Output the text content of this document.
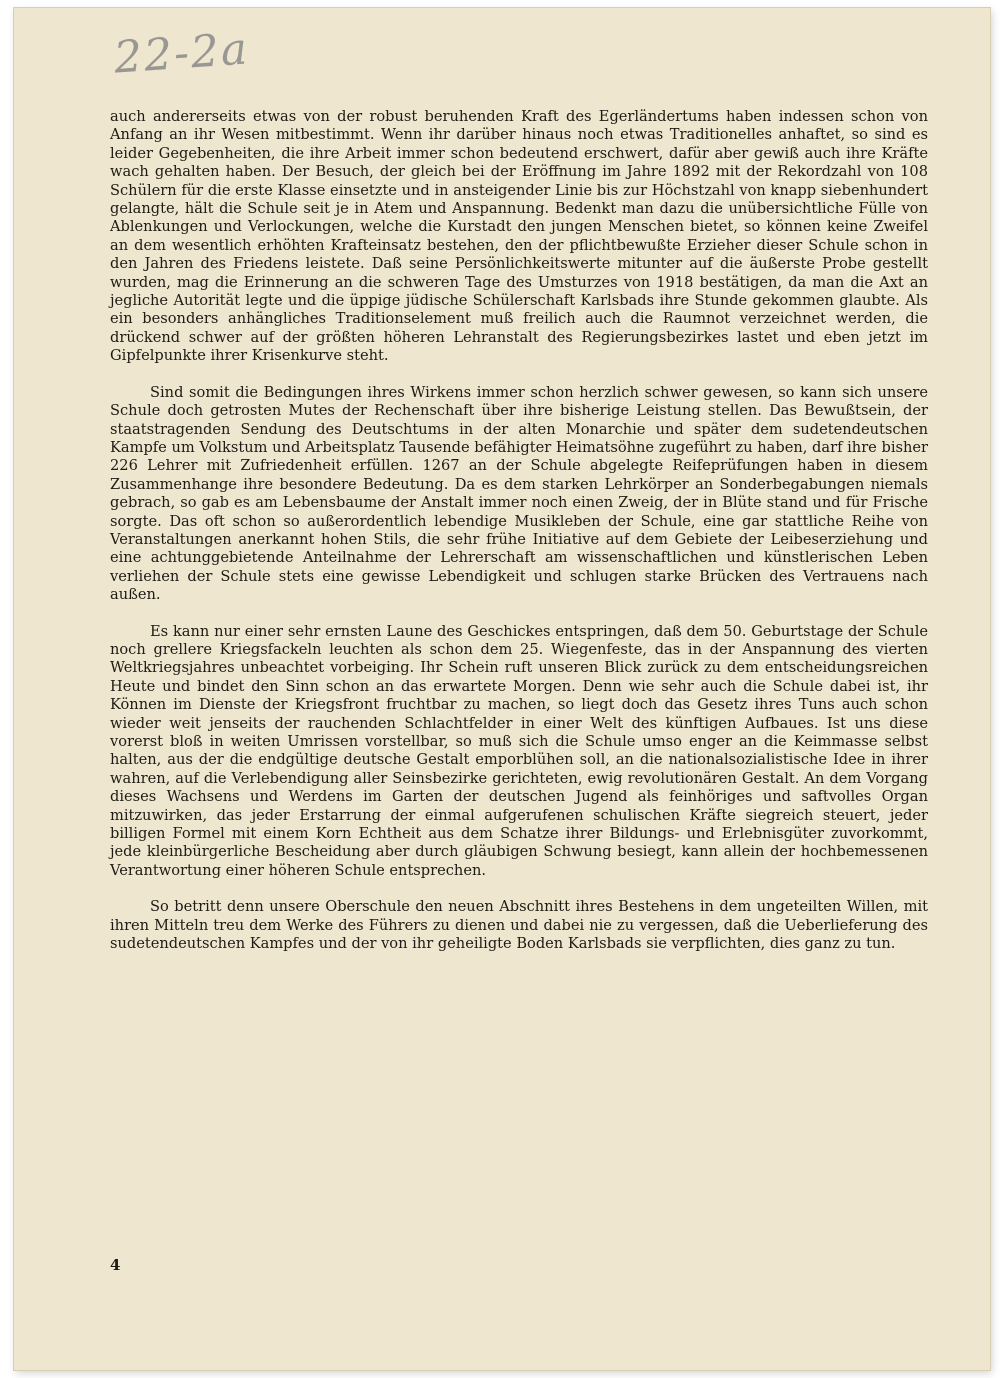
22-2a

auch andererseits etwas von der robust beruhenden Kraft des Egerländertums haben indessen schon von Anfang an ihr Wesen mitbestimmt. Wenn ihr darüber hinaus noch etwas Traditionelles anhaftet, so sind es leider Gegebenheiten, die ihre Arbeit immer schon bedeutend erschwert, dafür aber gewiß auch ihre Kräfte wach gehalten haben. Der Besuch, der gleich bei der Eröffnung im Jahre 1892 mit der Rekordzahl von 108 Schülern für die erste Klasse einsetzte und in ansteigender Linie bis zur Höchstzahl von knapp siebenhundert gelangte, hält die Schule seit je in Atem und Anspannung. Bedenkt man dazu die unübersichtliche Fülle von Ablenkungen und Verlockungen, welche die Kurstadt den jungen Menschen bietet, so können keine Zweifel an dem wesentlich erhöhten Krafteinsatz bestehen, den der pflichtbewußte Erzieher dieser Schule schon in den Jahren des Friedens leistete. Daß seine Persönlichkeitswerte mitunter auf die äußerste Probe gestellt wurden, mag die Erinnerung an die schweren Tage des Umsturzes von 1918 bestätigen, da man die Axt an jegliche Autorität legte und die üppige jüdische Schülerschaft Karlsbads ihre Stunde gekommen glaubte. Als ein besonders anhängliches Traditionselement muß freilich auch die Raumnot verzeichnet werden, die drückend schwer auf der größten höheren Lehranstalt des Regierungsbezirkes lastet und eben jetzt im Gipfelpunkte ihrer Krisenkurve steht.

Sind somit die Bedingungen ihres Wirkens immer schon herzlich schwer gewesen, so kann sich unsere Schule doch getrosten Mutes der Rechenschaft über ihre bisherige Leistung stellen. Das Bewußtsein, der staatstragenden Sendung des Deutschtums in der alten Monarchie und später dem sudetendeutschen Kampfe um Volkstum und Arbeitsplatz Tausende befähigter Heimatsöhne zugeführt zu haben, darf ihre bisher 226 Lehrer mit Zufriedenheit erfüllen. 1267 an der Schule abgelegte Reifeprüfungen haben in diesem Zusammenhange ihre besondere Bedeutung. Da es dem starken Lehrkörper an Sonderbegabungen niemals gebrach, so gab es am Lebensbaume der Anstalt immer noch einen Zweig, der in Blüte stand und für Frische sorgte. Das oft schon so außerordentlich lebendige Musikleben der Schule, eine gar stattliche Reihe von Veranstaltungen anerkannt hohen Stils, die sehr frühe Initiative auf dem Gebiete der Leibeserziehung und eine achtunggebietende Anteilnahme der Lehrerschaft am wissenschaftlichen und künstlerischen Leben verliehen der Schule stets eine gewisse Lebendigkeit und schlugen starke Brücken des Vertrauens nach außen.

Es kann nur einer sehr ernsten Laune des Geschickes entspringen, daß dem 50. Geburtstage der Schule noch grellere Kriegsfackeln leuchten als schon dem 25. Wiegenfeste, das in der Anspannung des vierten Weltkriegsjahres unbeachtet vorbeiging. Ihr Schein ruft unseren Blick zurück zu dem entscheidungsreichen Heute und bindet den Sinn schon an das erwartete Morgen. Denn wie sehr auch die Schule dabei ist, ihr Können im Dienste der Kriegsfront fruchtbar zu machen, so liegt doch das Gesetz ihres Tuns auch schon wieder weit jenseits der rauchenden Schlachtfelder in einer Welt des künftigen Aufbaues. Ist uns diese vorerst bloß in weiten Umrissen vorstellbar, so muß sich die Schule umso enger an die Keimmasse selbst halten, aus der die endgültige deutsche Gestalt emporblühen soll, an die nationalsozialistische Idee in ihrer wahren, auf die Verlebendigung aller Seinsbezirke gerichteten, ewig revolutionären Gestalt. An dem Vorgang dieses Wachsens und Werdens im Garten der deutschen Jugend als feinhöriges und saftvolles Organ mitzuwirken, das jeder Erstarrung der einmal aufgerufenen schulischen Kräfte siegreich steuert, jeder billigen Formel mit einem Korn Echtheit aus dem Schatze ihrer Bildungs- und Erlebnisgüter zuvorkommt, jede kleinbürgerliche Bescheidung aber durch gläubigen Schwung besiegt, kann allein der hochbemessenen Verantwortung einer höheren Schule entsprechen.

So betritt denn unsere Oberschule den neuen Abschnitt ihres Bestehens in dem ungeteilten Willen, mit ihren Mitteln treu dem Werke des Führers zu dienen und dabei nie zu vergessen, daß die Ueberlieferung des sudetendeutschen Kampfes und der von ihr geheiligte Boden Karlsbads sie verpflichten, dies ganz zu tun.

4
